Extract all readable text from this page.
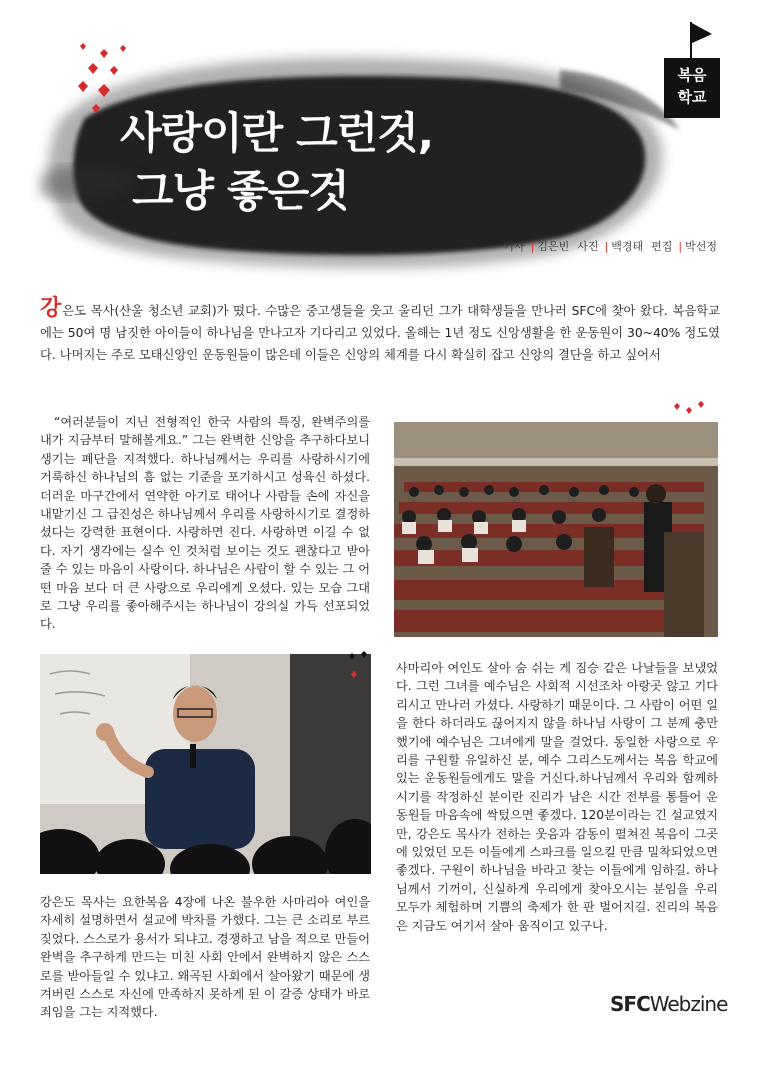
사랑이란 그런것,
그냥 좋은것
복음
학교
기사 | 김은빈 사진 | 백경태 편집 | 박선정

강은도 목사(산울 청소년 교회)가 떴다. 수많은 중고생들을 웃고 울리던 그가 대학생들을 만나러 SFC에 찾아 왔다. 복음학교에는 50여 명 남짓한 아이들이 하나님을 만나고자 기다리고 있었다. 올해는 1년 정도 신앙생활을 한 운동원이 30~40% 정도였다. 나머지는 주로 모태신앙인 운동원들이 많은데 이들은 신앙의 체계를 다시 확실히 잡고 신앙의 결단을 하고 싶어서

“여러분들이 지닌 전형적인 한국 사람의 특징, 완벽주의를 내가 지금부터 말해볼게요.” 그는 완벽한 신앙을 추구하다보니 생기는 폐단을 지적했다. 하나님께서는 우리를 사랑하시기에 거룩하신 하나님의 흠 없는 기준을 포기하시고 성육신 하셨다. 더러운 마구간에서 연약한 아기로 태어나 사람들 손에 자신을 내맡기신 그 급진성은 하나님께서 우리를 사랑하시기로 결정하셨다는 강력한 표현이다. 사랑하면 진다. 사랑하면 이길 수 없다. 자기 생각에는 실수 인 것처럼 보이는 것도 괜찮다고 받아 줄 수 있는 마음이 사랑이다. 하나님은 사람이 할 수 있는 그 어떤 마음 보다 더 큰 사랑으로 우리에게 오셨다. 있는 모습 그대로 그냥 우리를 좋아해주시는 하나님이 강의실 가득 선포되었다.

사마리아 여인도 살아 숨 쉬는 게 짐승 같은 나날들을 보냈었다. 그런 그녀를 예수님은 사회적 시선조차 아랑곳 않고 기다리시고 만나러 가셨다. 사랑하기 때문이다. 그 사람이 어떤 일을 한다 하더라도 끊어지지 않을 하나님 사랑이 그 분께 충만 했기에 예수님은 그녀에게 말을 걸었다. 동일한 사랑으로 우리를 구원할 유일하신 분, 예수 그리스도께서는 복음 학교에 있는 운동원들에게도 말을 거신다.하나님께서 우리와 함께하시기를 작정하신 분이란 진리가 남은 시간 전부를 통틀어 운동원들 마음속에 싹텄으면 좋겠다. 120분이라는 긴 설교였지만, 강은도 목사가 전하는 웃음과 감동이 펼쳐진 복음이 그곳에 있었던 모든 이들에게 스파크를 일으킬 만큼 밀착되었으면 좋겠다. 구원이 하나님을 바라고 찾는 이들에게 임하길. 하나님께서 기꺼이, 신실하게 우리에게 찾아오시는 분임을 우리 모두가 체험하며 기쁨의 축제가 한 판 벌어지길. 진리의 복음은 지금도 여기서 살아 움직이고 있구나.

강은도 목사는 요한복음 4장에 나온 불우한 사마리아 여인을 자세히 설명하면서 설교에 박차를 가했다. 그는 큰 소리로 부르짖었다. 스스로가 용서가 되냐고. 경쟁하고 남을 적으로 만들어 완벽을 추구하게 만드는 미친 사회 안에서 완벽하지 않은 스스로를 받아들일 수 있냐고. 왜곡된 사회에서 살아왔기 때문에 생겨버린 스스로 자신에 만족하지 못하게 된 이 갈증 상태가 바로 죄임을 그는 지적했다.	SFCWebzine
